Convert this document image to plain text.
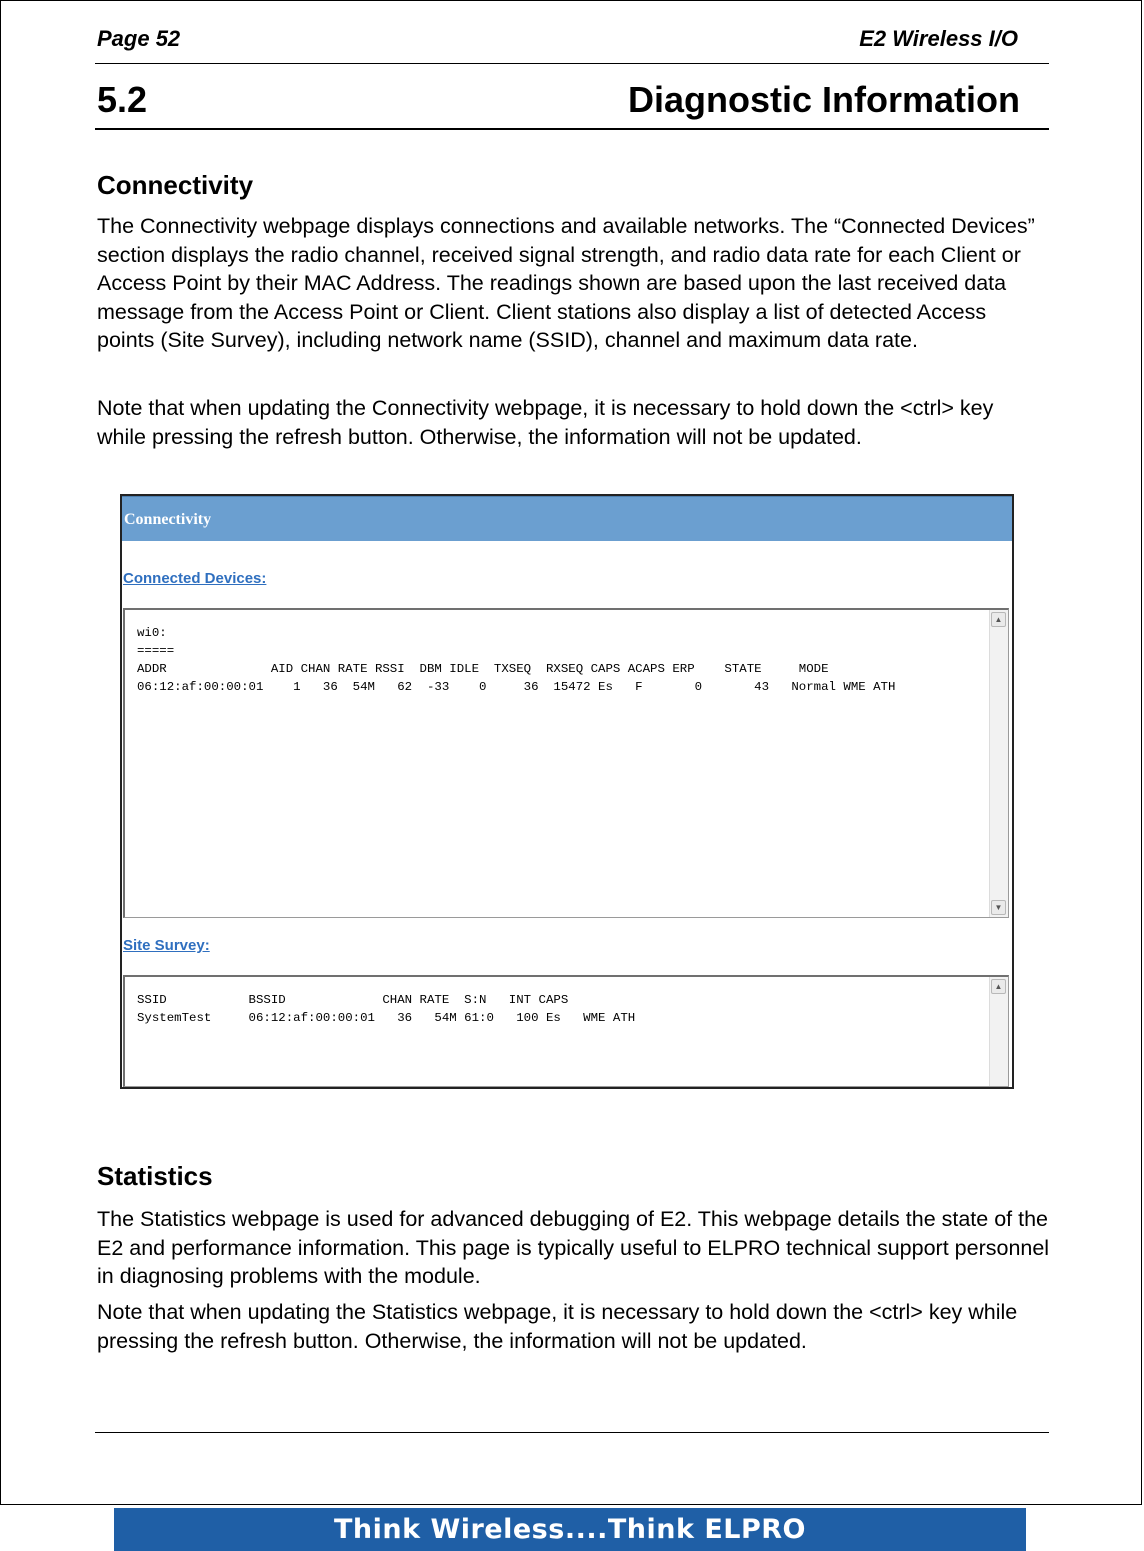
Page 52	E2 Wireless I/O
5.2	Diagnostic Information
Connectivity

The Connectivity webpage displays connections and available networks. The “Connected Devices” section displays the radio channel, received signal strength, and radio data rate for each Client or Access Point by their MAC Address. The readings shown are based upon the last received data message from the Access Point or Client. Client stations also display a list of detected Access points (Site Survey), including network name (SSID), channel and maximum data rate.

Note that when updating the Connectivity webpage, it is necessary to hold down the <ctrl> key while pressing the refresh button. Otherwise, the information will not be updated.

Connectivity
Connected Devices:
wi0:
=====
ADDR              AID CHAN RATE RSSI  DBM IDLE  TXSEQ  RXSEQ CAPS ACAPS ERP    STATE     MODE
06:12:af:00:00:01    1   36  54M   62  -33    0     36  15472 Es   F       0       43   Normal WME ATH
▲
▼
Site Survey:
SSID           BSSID             CHAN RATE  S:N   INT CAPS
SystemTest     06:12:af:00:00:01   36   54M 61:0   100 Es   WME ATH
▲
Statistics

The Statistics webpage is used for advanced debugging of E2. This webpage details the state of the E2 and performance information. This page is typically useful to ELPRO technical support personnel in diagnosing problems with the module.

Note that when updating the Statistics webpage, it is necessary to hold down the <ctrl> key while pressing the refresh button. Otherwise, the information will not be updated.

Think Wireless....Think ELPRO
